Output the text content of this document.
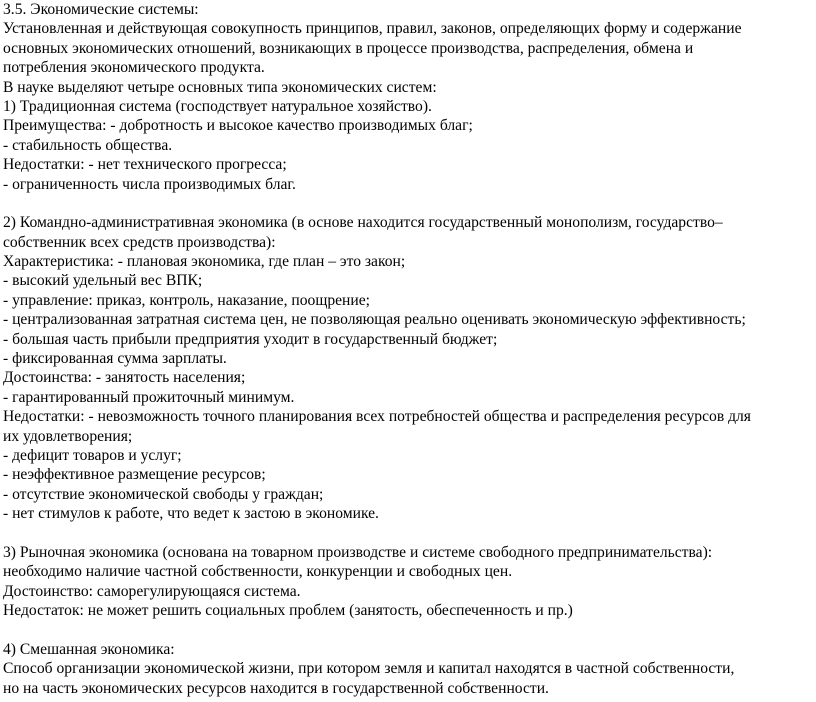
3.5. Экономические системы:
Установленная и действующая совокупность принципов, правил, законов, определяющих форму и содержание
основных экономических отношений, возникающих в процессе производства, распределения, обмена и
потребления экономического продукта.
В науке выделяют четыре основных типа экономических систем:
1) Традиционная система (господствует натуральное хозяйство).
Преимущества: - добротность и высокое качество производимых благ;
- стабильность общества.
Недостатки: - нет технического прогресса;
- ограниченность числа производимых благ.
2) Командно-административная экономика (в основе находится государственный монополизм, государство–
собственник всех средств производства):
Характеристика: - плановая экономика, где план – это закон;
- высокий удельный вес ВПК;
- управление: приказ, контроль, наказание, поощрение;
- централизованная затратная система цен, не позволяющая реально оценивать экономическую эффективность;
- большая часть прибыли предприятия уходит в государственный бюджет;
- фиксированная сумма зарплаты.
Достоинства: - занятость населения;
- гарантированный прожиточный минимум.
Недостатки: - невозможность точного планирования всех потребностей общества и распределения ресурсов для
их удовлетворения;
- дефицит товаров и услуг;
- неэффективное размещение ресурсов;
- отсутствие экономической свободы у граждан;
- нет стимулов к работе, что ведет к застою в экономике.
3) Рыночная экономика (основана на товарном производстве и системе свободного предпринимательства):
необходимо наличие частной собственности, конкуренции и свободных цен.
Достоинство: саморегулирующаяся система.
Недостаток: не может решить социальных проблем (занятость, обеспеченность и пр.)
4) Смешанная экономика:
Способ организации экономической жизни, при котором земля и капитал находятся в частной собственности,
но на часть экономических ресурсов находится в государственной собственности.
